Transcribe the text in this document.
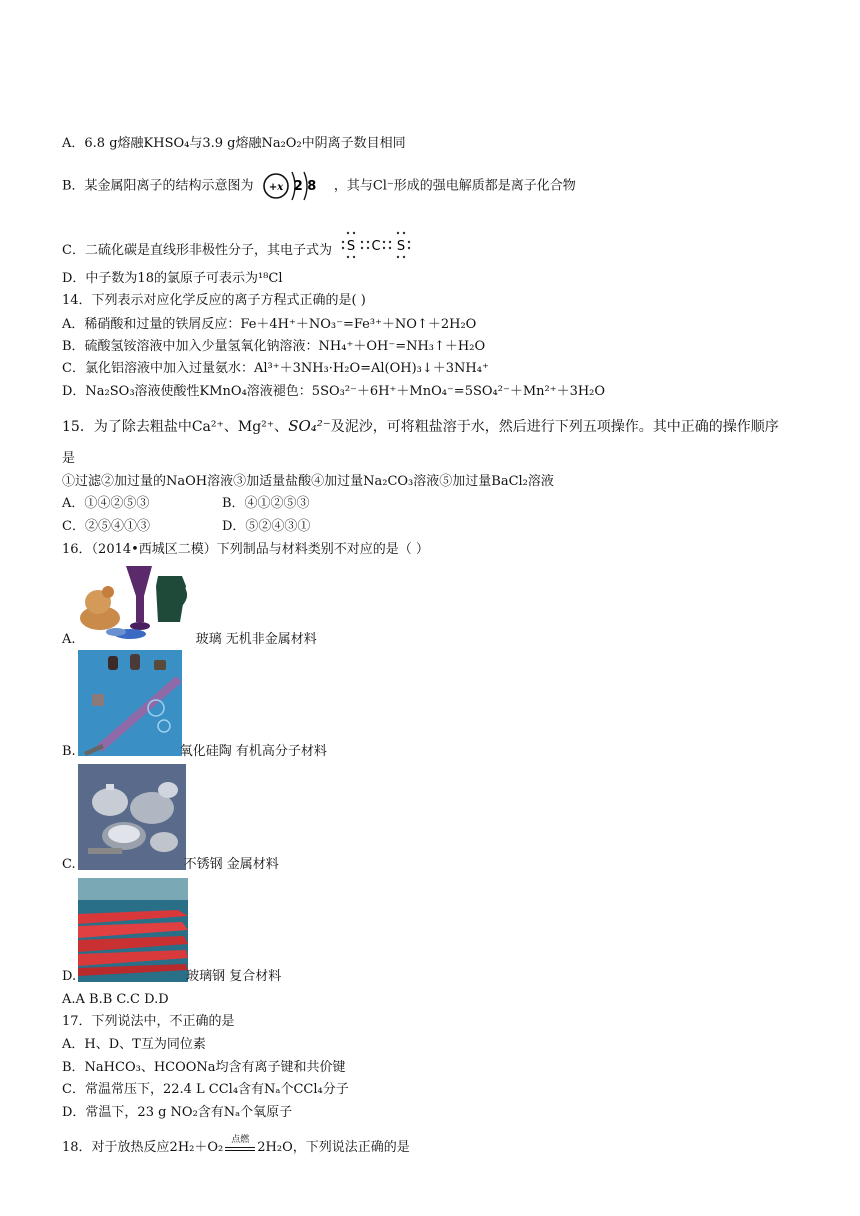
A．6.8 g熔融KHSO₄与3.9 g熔融Na₂O₂中阴离子数目相同
B．某金属阳离子的结构示意图为 +x 2 8 ，其与Cl⁻形成的强电解质都是离子化合物
C．二硫化碳是直线形非极性分子，其电子式为 S C S
D．中子数为18的氯原子可表示为¹⁸Cl
14．下列表示对应化学反应的离子方程式正确的是( )
A．稀硝酸和过量的铁屑反应：Fe＋4H⁺＋NO₃⁻=Fe³⁺＋NO↑＋2H₂O
B．硫酸氢铵溶液中加入少量氢氧化钠溶液：NH₄⁺＋OH⁻=NH₃↑＋H₂O
C．氯化铝溶液中加入过量氨水：Al³⁺＋3NH₃·H₂O=Al(OH)₃↓＋3NH₄⁺
D．Na₂SO₃溶液使酸性KMnO₄溶液褪色：5SO₃²⁻＋6H⁺＋MnO₄⁻=5SO₄²⁻＋Mn²⁺＋3H₂O
15．为了除去粗盐中Ca²⁺、Mg²⁺、SO₄²⁻及泥沙，可将粗盐溶于水，然后进行下列五项操作。其中正确的操作顺序
是
①过滤②加过量的NaOH溶液③加适量盐酸④加过量Na₂CO₃溶液⑤加过量BaCl₂溶液
A．①④②⑤③	B．④①②⑤③
C．②⑤④①③	D．⑤②④③①
16．（2014•西城区二模）下列制品与材料类别不对应的是（ ）
A.	玻璃 无机非金属材料
B.	氧化硅陶 有机高分子材料
C.	不锈钢 金属材料
D.	玻璃钢 复合材料
A.A B.B C.C D.D
17．下列说法中，不正确的是
A．H、D、T互为同位素
B．NaHCO₃、HCOONa均含有离子键和共价键
C．常温常压下，22.4 L CCl₄含有Nₐ个CCl₄分子
D．常温下，23 g NO₂含有Nₐ个氧原子
18．对于放热反应2H₂＋O₂ 点燃 2H₂O，下列说法正确的是
